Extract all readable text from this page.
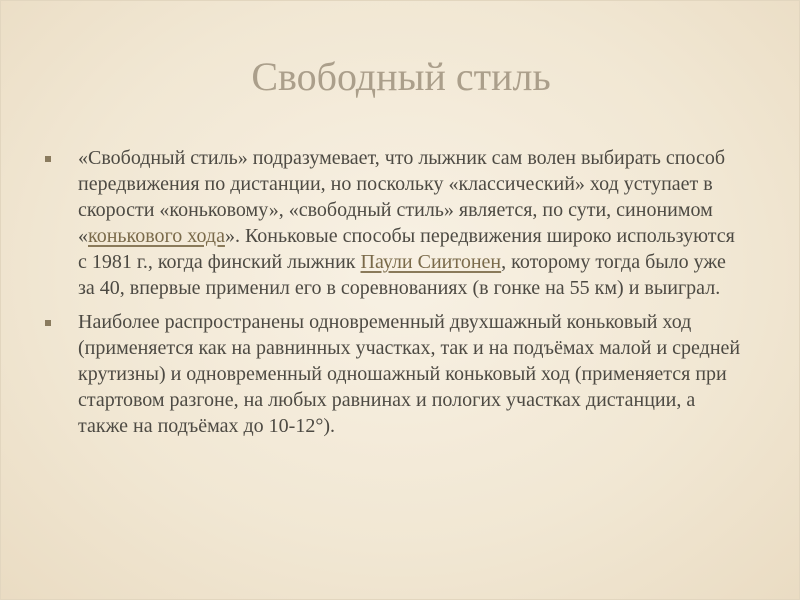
Свободный стиль
«Свободный стиль» подразумевает, что лыжник сам волен выбирать способ передвижения по дистанции, но поскольку «классический» ход уступает в скорости «коньковому», «свободный стиль» является, по сути, синонимом «конькового хода». Коньковые способы передвижения широко используются с 1981 г., когда финский лыжник Паули Сиитонен, которому тогда было уже за 40, впервые применил его в соревнованиях (в гонке на 55 км) и выиграл.
Наиболее распространены одновременный двухшажный коньковый ход (применяется как на равнинных участках, так и на подъёмах малой и средней крутизны) и одновременный одношажный коньковый ход (применяется при стартовом разгоне, на любых равнинах и пологих участках дистанции, а также на подъёмах до 10-12°).
